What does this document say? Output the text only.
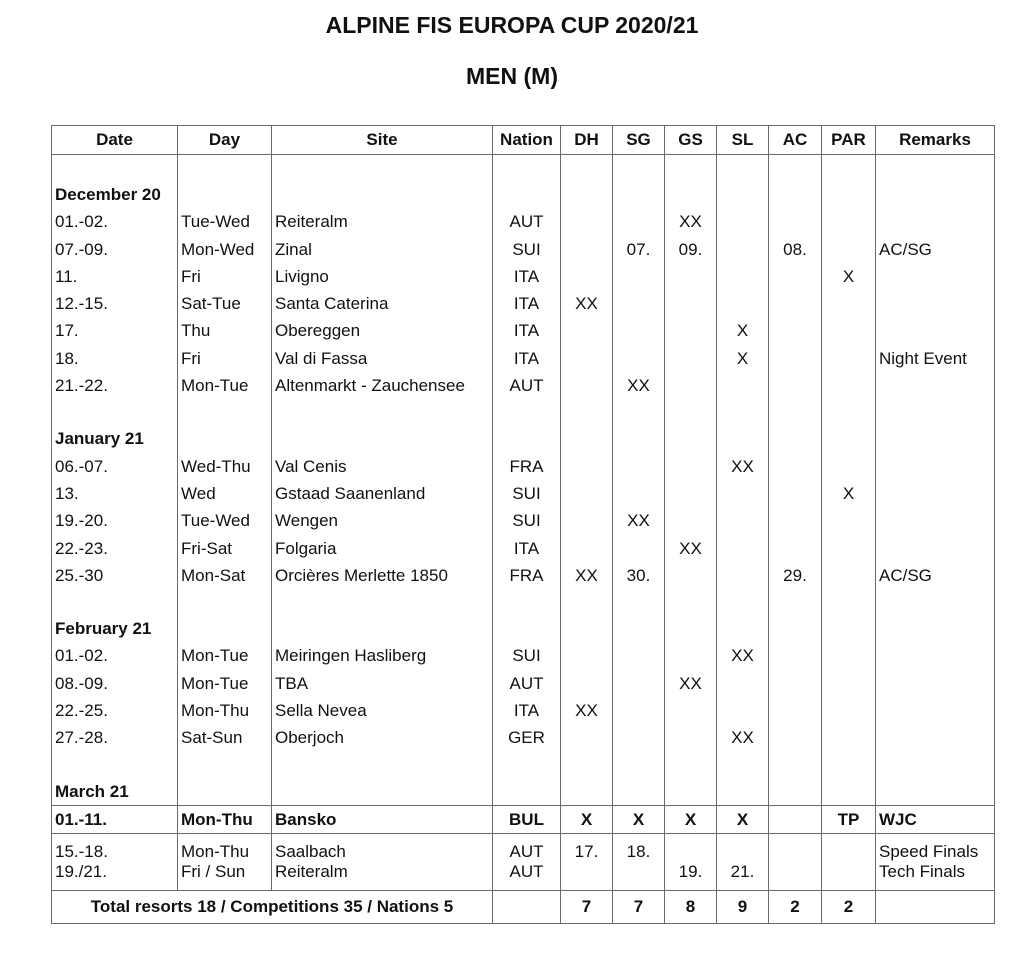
ALPINE FIS EUROPA CUP 2020/21
MEN (M)
Date	Day	Site	Nation	DH	SG	GS	SL	AC	PAR	Remarks

December 20										
01.-02.	Tue-Wed	Reiteralm	AUT			XX				
07.-09.	Mon-Wed	Zinal	SUI		07.	09.		08.		AC/SG
11.	Fri	Livigno	ITA						X	
12.-15.	Sat-Tue	Santa Caterina	ITA	XX						
17.	Thu	Obereggen	ITA				X			
18.	Fri	Val di Fassa	ITA				X			Night Event
21.-22.	Mon-Tue	Altenmarkt - Zauchensee	AUT		XX					

January 21										
06.-07.	Wed-Thu	Val Cenis	FRA				XX			
13.	Wed	Gstaad Saanenland	SUI						X	
19.-20.	Tue-Wed	Wengen	SUI		XX					
22.-23.	Fri-Sat	Folgaria	ITA			XX				
25.-30	Mon-Sat	Orcières Merlette 1850	FRA	XX	30.			29.		AC/SG

February 21										
01.-02.	Mon-Tue	Meiringen Hasliberg	SUI				XX			
08.-09.	Mon-Tue	TBA	AUT			XX				
22.-25.	Mon-Thu	Sella Nevea	ITA	XX						
27.-28.	Sat-Sun	Oberjoch	GER				XX			

March 21										
01.-11.	Mon-Thu	Bansko	BUL	X	X	X	X		TP	WJC

15.-18.	Mon-Thu	Saalbach	AUT	17.	18.					Speed Finals
19./21.	Fri / Sun	Reiteralm	AUT			19.	21.			Tech Finals

Total resorts 18 / Competitions 35 / Nations 5				7	7	8	9	2	2	
